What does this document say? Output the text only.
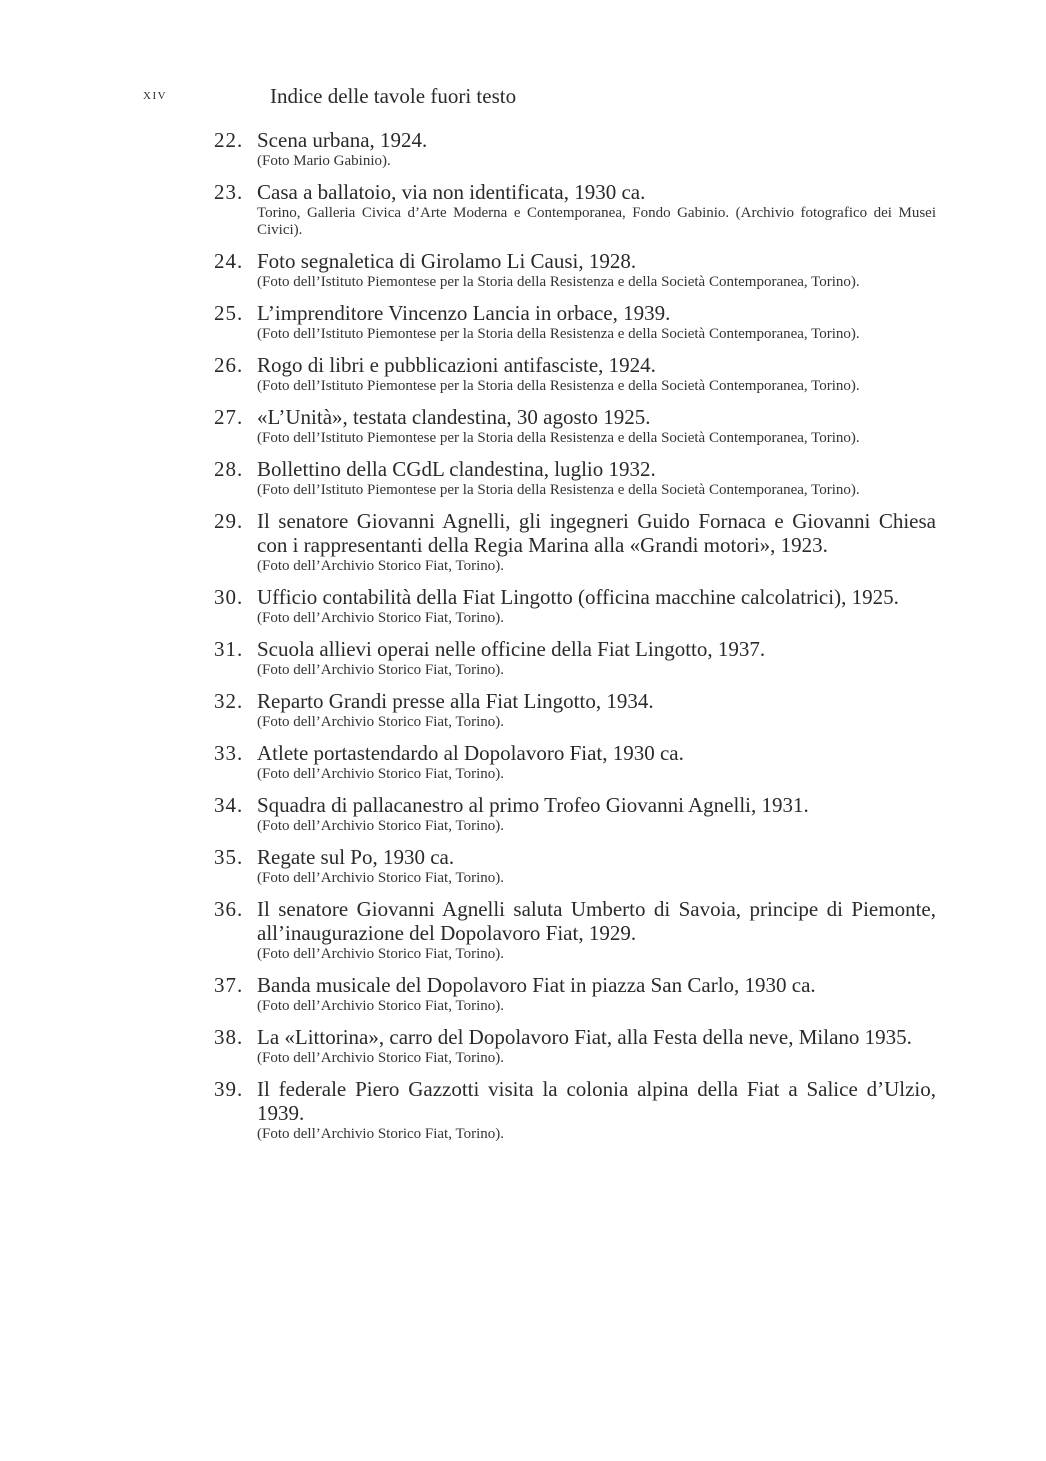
xiv	Indice delle tavole fuori testo
22. Scena urbana, 1924.
(Foto Mario Gabinio).
23. Casa a ballatoio, via non identificata, 1930 ca.
Torino, Galleria Civica d’Arte Moderna e Contemporanea, Fondo Gabinio. (Archivio fotografico dei Musei Civici).
24. Foto segnaletica di Girolamo Li Causi, 1928.
(Foto dell’Istituto Piemontese per la Storia della Resistenza e della Società Contemporanea, Torino).
25. L’imprenditore Vincenzo Lancia in orbace, 1939.
(Foto dell’Istituto Piemontese per la Storia della Resistenza e della Società Contemporanea, Torino).
26. Rogo di libri e pubblicazioni antifasciste, 1924.
(Foto dell’Istituto Piemontese per la Storia della Resistenza e della Società Contemporanea, Torino).
27. «L’Unità», testata clandestina, 30 agosto 1925.
(Foto dell’Istituto Piemontese per la Storia della Resistenza e della Società Contemporanea, Torino).
28. Bollettino della CGdL clandestina, luglio 1932.
(Foto dell’Istituto Piemontese per la Storia della Resistenza e della Società Contemporanea, Torino).
29. Il senatore Giovanni Agnelli, gli ingegneri Guido Fornaca e Giovanni Chiesa con i rappresentanti della Regia Marina alla «Grandi motori», 1923.
(Foto dell’Archivio Storico Fiat, Torino).
30. Ufficio contabilità della Fiat Lingotto (officina macchine calcolatrici), 1925.
(Foto dell’Archivio Storico Fiat, Torino).
31. Scuola allievi operai nelle officine della Fiat Lingotto, 1937.
(Foto dell’Archivio Storico Fiat, Torino).
32. Reparto Grandi presse alla Fiat Lingotto, 1934.
(Foto dell’Archivio Storico Fiat, Torino).
33. Atlete portastendardo al Dopolavoro Fiat, 1930 ca.
(Foto dell’Archivio Storico Fiat, Torino).
34. Squadra di pallacanestro al primo Trofeo Giovanni Agnelli, 1931.
(Foto dell’Archivio Storico Fiat, Torino).
35. Regate sul Po, 1930 ca.
(Foto dell’Archivio Storico Fiat, Torino).
36. Il senatore Giovanni Agnelli saluta Umberto di Savoia, principe di Piemonte, all’inaugurazione del Dopolavoro Fiat, 1929.
(Foto dell’Archivio Storico Fiat, Torino).
37. Banda musicale del Dopolavoro Fiat in piazza San Carlo, 1930 ca.
(Foto dell’Archivio Storico Fiat, Torino).
38. La «Littorina», carro del Dopolavoro Fiat, alla Festa della neve, Milano 1935.
(Foto dell’Archivio Storico Fiat, Torino).
39. Il federale Piero Gazzotti visita la colonia alpina della Fiat a Salice d’Ulzio, 1939.
(Foto dell’Archivio Storico Fiat, Torino).
